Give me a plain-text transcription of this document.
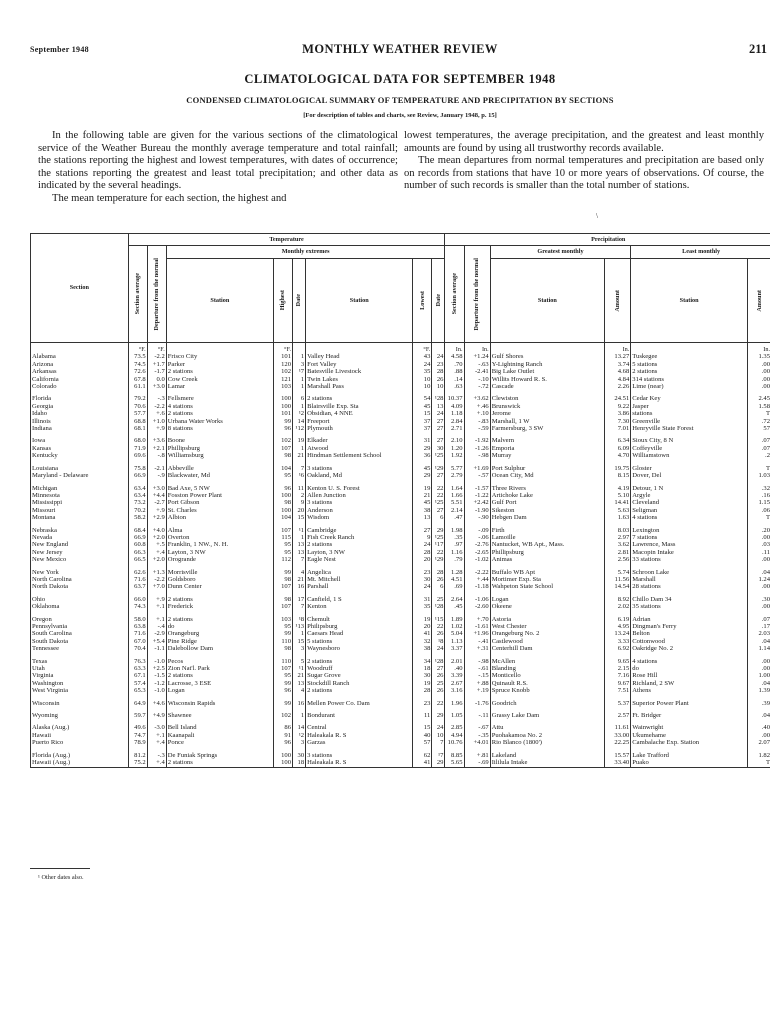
September 1948	MONTHLY WEATHER REVIEW	211
CLIMATOLOGICAL DATA FOR SEPTEMBER 1948
CONDENSED CLIMATOLOGICAL SUMMARY OF TEMPERATURE AND PRECIPITATION BY SECTIONS
[For description of tables and charts, see Review, January 1948, p. 15]

In the following table are given for the various sections of the climatological service of the Weather Bureau the monthly average temperature and total rainfall; the stations reporting the highest and lowest temperatures, with dates of occurrence; the stations reporting the greatest and least total precipitation; and other data as indicated by the several headings.

The mean temperature for each section, the highest and

lowest temperatures, the average precipitation, and the greatest and least monthly amounts are found by using all trustworthy records available.

The mean departures from normal temperatures and precipitation are based only on records from stations that have 10 or more years of observations. Of course, the number of such records is smaller than the total number of stations.

\
Section	Temperature								Precipitation					

	Section average	Departure from the normal	Monthly extremes						Section average	Departure from the normal	Greatest monthly		Least monthly	
			Station	Highest	Date	Station	Lowest	Date			Station	Amount	Station	Amount

	°F.	°F.		°F.			°F.		In.	In.		In.		In.
Alabama	73.5	-2.2	Frisco City	101	1	Valley Head	43	24	4.58	+1.24	Gulf Shores	13.27	Tuskegee	1.35
Arizona	74.5	+1.7	Parker	120	3	Fort Valley	24	23	.70	-.63	Y-Lightning Ranch	3.74	5 stations	.00
Arkansas	72.6	-1.7	2 stations	102	¹7	Batesville Livestock	35	28	.88	-2.41	Big Lake Outlet	4.68	2 stations	.00
California	67.8	0.0	Cow Creek	121	1	Twin Lakes	10	26	.14	-.10	Willits Howard R. S.	4.84	314 stations	.00
Colorado	61.1	+3.0	Lamar	103	1	Marshall Pass	10	10	.63	-.72	Cascade	2.26	Lime (near)	.00

Florida	79.2	-.3	Fellsmere	100	6	2 stations	54	¹28	10.37	+3.62	Clewiston	24.51	Cedar Key	2.45
Georgia	70.6	-2.2	4 stations	100	1	Blairsville Exp. Sta	45	13	4.09	+.46	Brunswick	9.22	Jasper	1.58
Idaho	57.7	+.6	2 stations	101	¹2	Obsidian, 4 NNE	15	24	1.18	+.10	Jerome	3.86	stations	T
Illinois	68.8	+1.0	Urbana Water Works	99	14	Freeport	37	27	2.84	-.83	Marshall, 1 W	7.30	Greenville	.72
Indiana	68.1	+.9	8 stations	96	¹12	Plymouth	37	27	2.71	-.59	Farmersburg, 3 SW	7.01	Henryville State Forest	57

Iowa	68.0	+3.6	Boone	102	19	Elkader	31	27	2.10	-1.92	Malvern	6.34	Sioux City, 8 N	.07
Kansas	71.9	+2.1	Phillipsburg	107	1	Atwood	29	30	1.20	-1.26	Emporia	6.09	Coffeyville	.07
Kentucky	69.6	-.8	Williamsburg	98	21	Hindman Settlement School	36	¹25	1.92	-.98	Murray	4.70	Williamstown	.2

Louisiana	75.8	-2.1	Abbeville	104	7	3 stations	45	¹29	5.77	+1.69	Port Sulphur	19.75	Gloster	T
Maryland - Delaware	66.9	-.9	Blackwater, Md	95	¹6	Oakland, Md	29	27	2.79	-.57	Ocean City, Md	8.15	Dover, Del	1.03

Michigan	63.4	+3.0	Bad Axe, 5 NW	96	11	Kenton U. S. Forest	19	22	1.64	-1.57	Three Rivers	4.19	Detour, 1 N	.32
Minnesota	63.4	+4.4	Fosston Power Plant	100	2	Allen Junction	21	22	1.66	-1.22	Artichoke Lake	5.10	Argyle	.16
Mississippi	73.2	-2.7	Port Gibson	98	9	3 stations	45	¹25	5.51	+2.42	Gulf Port	14.41	Cleveland	1.15
Missouri	70.2	+.9	St. Charles	100	20	Anderson	38	27	2.14	-1.90	Sikeston	5.63	Seligman	.06
Montana	58.2	+2.9	Albion	104	15	Wisdom	13	6	.47	-.90	Hebgen Dam	1.63	4 stations	T

Nebraska	68.4	+4.0	Alma	107	¹1	Cambridge	27	29	1.98	-.09	Firth	8.03	Lexington	.20
Nevada	66.9	+2.0	Overton	115	1	Fish Creek Ranch	9	¹25	.35	-.06	Lamoille	2.97	7 stations	.00
New England	60.8	+.5	Franklin, 1 NW., N. H.	95	13	2 stations	24	¹17	.97	-2.76	Nantucket, WB Apt., Mass.	3.62	Lawrence, Mass	.03
New Jersey	66.3	+.4	Layton, 3 NW	95	13	Layton, 3 NW	28	22	1.16	-2.65	Phillipsburg	2.81	Macopin Intake	.11
New Mexico	66.5	+2.0	Orogrande	112	7	Eagle Nest	20	¹29	.79	-1.02	Animas	2.56	33 stations	.00

New York	62.6	+1.3	Morrisville	99	4	Angelica	23	28	1.28	-2.22	Buffalo WB Apt	5.74	Schroon Lake	.04
North Carolina	71.6	-2.2	Goldsboro	98	21	Mt. Mitchell	30	26	4.51	+.44	Mortimer Exp. Sta	11.56	Marshall	1.24
North Dakota	63.7	+7.0	Dunn Center	107	16	Parshall	24	6	.69	-1.18	Wahpeton State School	14.54	28 stations	.00

Ohio	66.0	+.9	2 stations	98	17	Canfield, 1 S	31	25	2.64	-1.06	Logan	8.92	Chillo Dam 34	.30
Oklahoma	74.3	+.1	Frederick	107	7	Kenton	35	¹28	.45	-2.60	Okeene	2.02	35 stations	.00

Oregon	58.0	+.1	2 stations	103	¹8	Chemult	19	¹15	1.89	+.70	Astoria	6.19	Adrian	.07
Pennsylvania	63.8	-.4	do	95	¹13	Philipsburg	20	22	1.02	-1.61	West Chester	4.95	Dingman's Ferry	.17
South Carolina	71.6	-2.9	Orangeburg	99	1	Caesars Head	41	26	5.04	+1.96	Orangeburg No. 2	13.24	Belton	2.03
South Dakota	67.0	+5.4	Pine Ridge	110	15	5 stations	32	¹8	1.13	-.41	Castlewood	3.33	Cottonwood	.04
Tennessee	70.4	-1.1	Dalebollow Dam	98	3	Waynesboro	38	24	3.37	+.31	Centerhill Dam	6.92	Oakridge No. 2	1.14

Texas	76.3	-1.0	Pecos	110	5	2 stations	34	¹28	2.01	-.98	McAllen	9.65	4 stations	.00
Utah	63.3	+2.5	Zion Nat'l. Park	107	¹1	Woodruff	18	27	.40	-.61	Blanding	2.15	do	.00
Virginia	67.1	-1.5	2 stations	95	21	Sugar Grove	30	26	3.39	-.15	Monticello	7.16	Rose Hill	1.00
Washington	57.4	-1.2	Lacrosse, 3 ESE	99	13	Stockdill Ranch	19	25	2.67	+.88	Quinault R.S.	9.67	Richland, 2 SW	.04
West Virginia	65.3	-1.0	Logan	96	4	2 stations	28	26	3.16	+.19	Spruce Knobb	7.51	Athens	1.39

Wisconsin	64.9	+4.6	Wisconsin Rapids	99	16	Mellen Power Co. Dam	23	22	1.96	-1.76	Goodrich	5.37	Superior Power Plant	.39

Wyoming	59.7	+4.9	Shawnee	102	1	Bondurant	11	29	1.05	-.11	Grassy Lake Dam	2.57	Ft. Bridger	.04

Alaska (Aug.)	49.6	-3.0	Bell Island	86	14	Central	15	24	2.85	-.67	Attu	11.61	Wainwright	.40
Hawaii	74.7	+.1	Kaanapali	91	¹2	Haleakala R. S	40	10	4.94	-.35	Puohakamoa No. 2	33.00	Ukumehame	.00
Puerto Rico	78.9	+.4	Ponce	96	3	Garzas	57	7	10.76	+4.01	Rio Blanco (1800')	22.25	Cambalache Exp. Station	2.07

Florida (Aug.)	81.2	-.3	De Funiak Springs	100	30	3 stations	62	¹7	8.85	+.81	Lakeland	15.57	Lake Trafford	1.82
Hawaii (Aug.)	75.2	+.4	2 stations	100	18	Haleakala R. S	41	29	5.65	-.69	Iililula Intake	33.40	Puako	T
¹ Other dates also.
